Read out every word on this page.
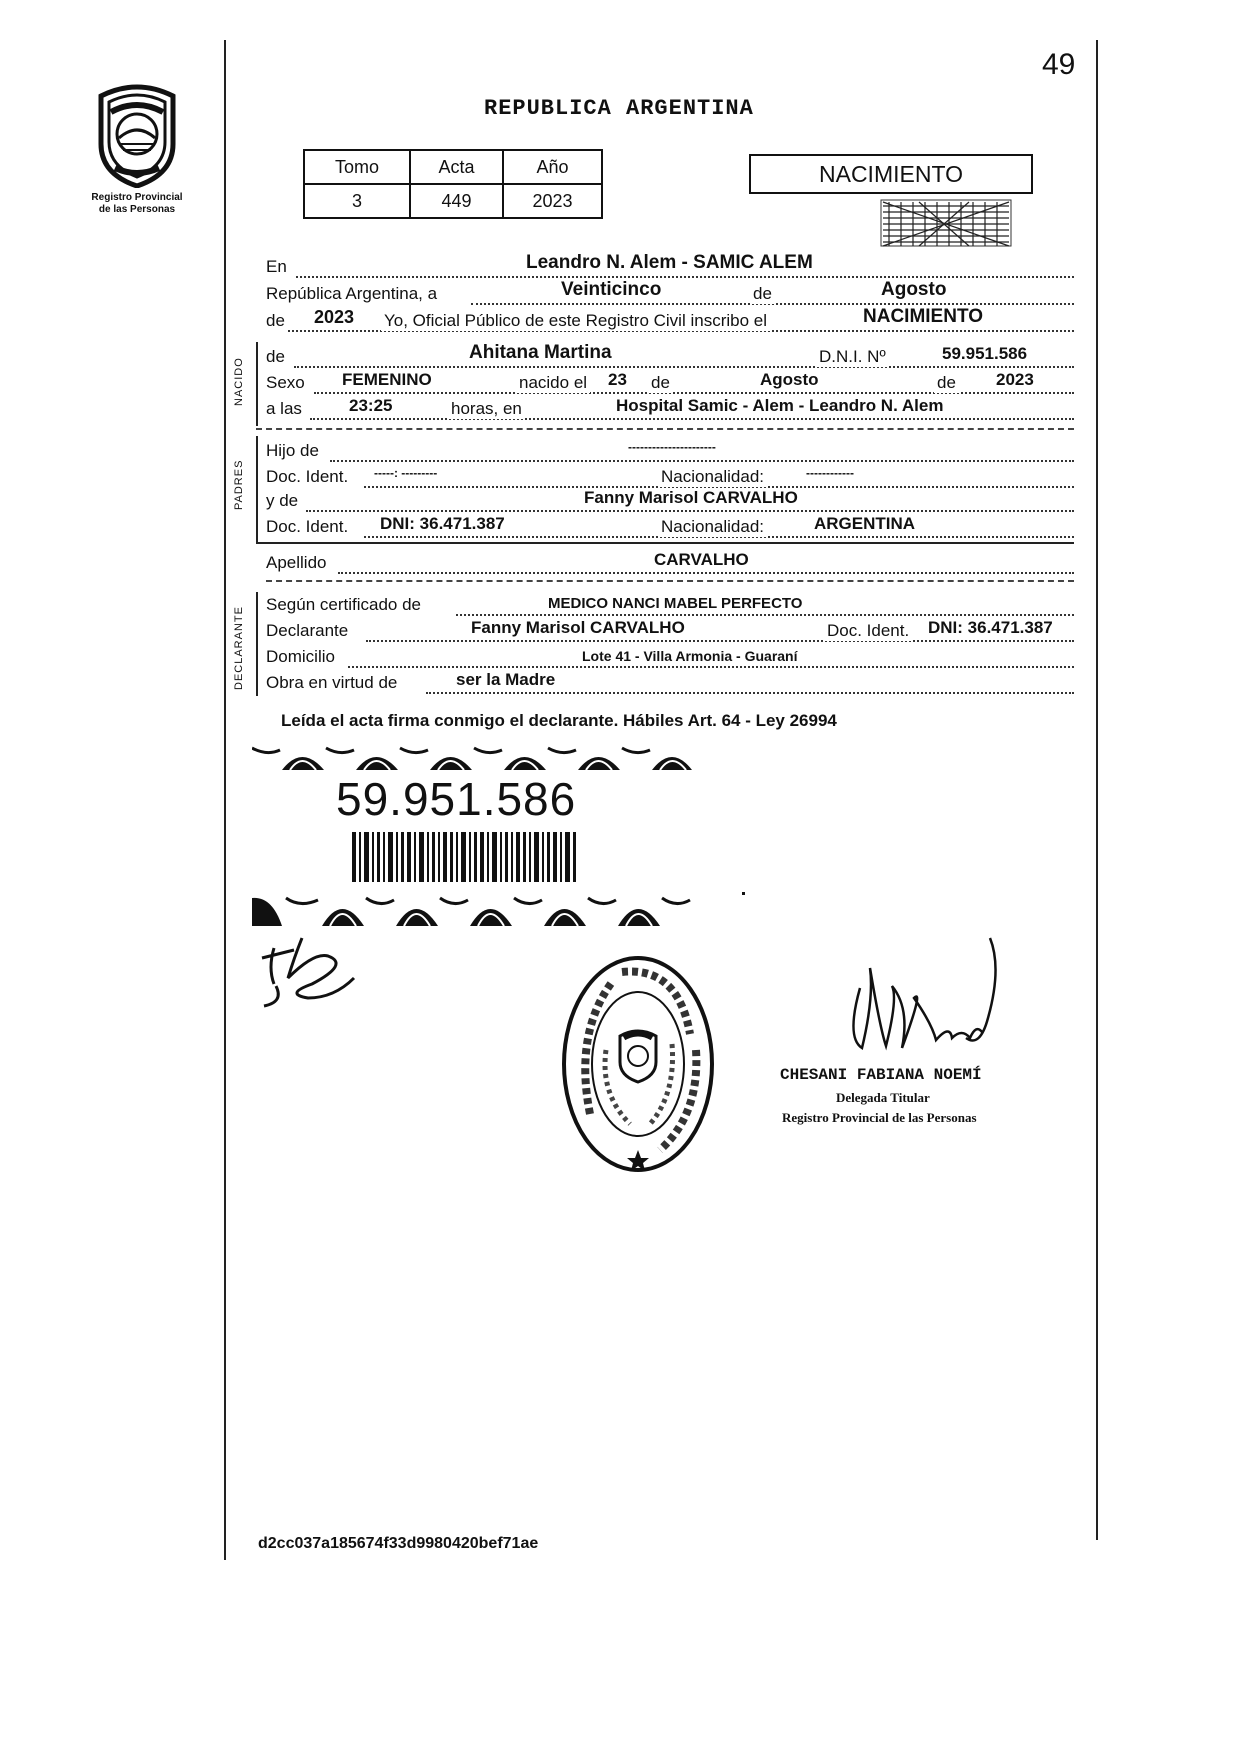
49
Registro Provincial
de las Personas
REPUBLICA ARGENTINA
Tomo	Acta	Año
3	449	2023
NACIMIENTO
En	Leandro N. Alem - SAMIC ALEM
República Argentina, a	Veinticinco	de	Agosto
de 2023 Yo, Oficial Público de este Registro Civil inscribo el	NACIMIENTO
NACIDO
de	Ahitana Martina	D.N.I. Nº	59.951.586
Sexo FEMENINO	nacido el 23 de	Agosto	de 2023
a las	23:25	horas, en	Hospital Samic - Alem - Leandro N. Alem
PADRES
Hijo de	----------------------
Doc. Ident. -----: ---------	Nacionalidad:	------------
y de	Fanny Marisol CARVALHO
Doc. Ident. DNI: 36.471.387	Nacionalidad:	ARGENTINA
Apellido	CARVALHO
DECLARANTE
Según certificado de	MEDICO NANCI MABEL PERFECTO
Declarante	Fanny Marisol CARVALHO	Doc. Ident. DNI: 36.471.387
Domicilio	Lote 41 - Villa Armonia - Guaraní
Obra en virtud de	ser la Madre
Leída el acta firma conmigo el declarante. Hábiles Art. 64 - Ley 26994
59.951.586
CHESANI FABIANA NOEMÍ
Delegada Titular
Registro Provincial de las Personas
d2cc037a185674f33d9980420bef71ae
